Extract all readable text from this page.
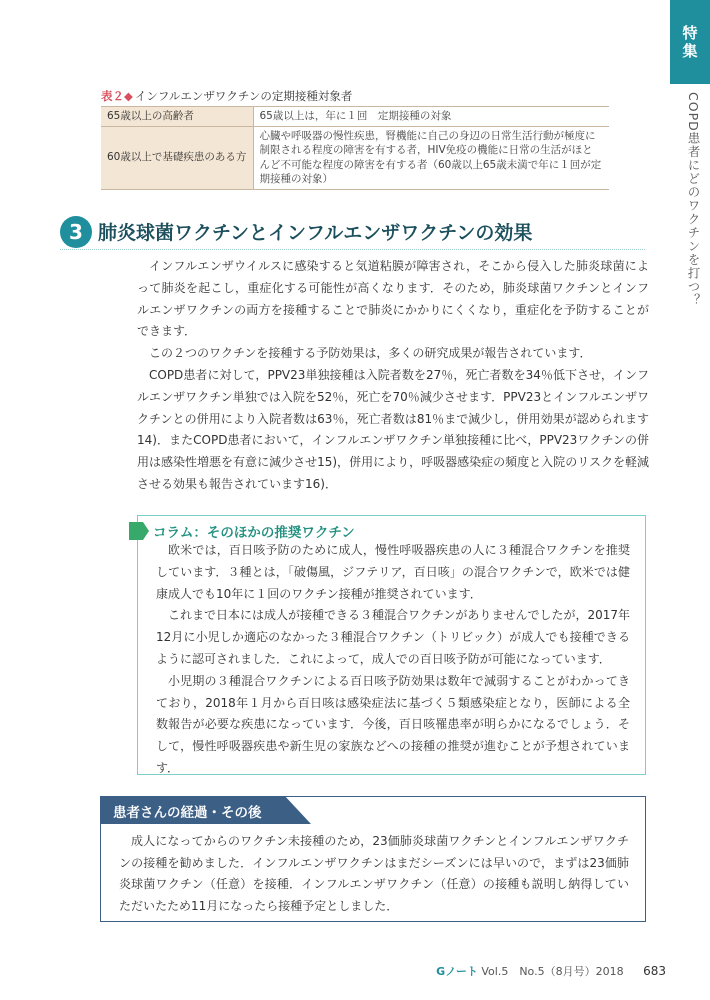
特
集
COPD患者にどのワクチンを打つ？
表２◆ インフルエンザワクチンの定期接種対象者
65歳以上の高齢者	65歳以上は，年に１回　定期接種の対象
60歳以上で基礎疾患のある方	心臓や呼吸器の慢性疾患，腎機能に自己の身辺の日常生活行動が極度に制限される程度の障害を有する者，HIV免疫の機能に日常の生活がほとんど不可能な程度の障害を有する者（60歳以上65歳未満で年に１回が定期接種の対象）
3 肺炎球菌ワクチンとインフルエンザワクチンの効果

インフルエンザウイルスに感染すると気道粘膜が障害され，そこから侵入した肺炎球菌によって肺炎を起こし，重症化する可能性が高くなります．そのため，肺炎球菌ワクチンとインフルエンザワクチンの両方を接種することで肺炎にかかりにくくなり，重症化を予防することができます．

この２つのワクチンを接種する予防効果は，多くの研究成果が報告されています．

COPD患者に対して，PPV23単独接種は入院者数を27％，死亡者数を34％低下させ，インフルエンザワクチン単独では入院を52％，死亡を70％減少させます．PPV23とインフルエンザワクチンとの併用により入院者数は63％，死亡者数は81％まで減少し，併用効果が認められます14)．またCOPD患者において，インフルエンザワクチン単独接種に比べ，PPV23ワクチンの併用は感染性増悪を有意に減少させ15)，併用により，呼吸器感染症の頻度と入院のリスクを軽減させる効果も報告されています16)．

コラム：そのほかの推奨ワクチン

欧米では，百日咳予防のために成人，慢性呼吸器疾患の人に３種混合ワクチンを推奨しています．３種とは，「破傷風，ジフテリア，百日咳」の混合ワクチンで，欧米では健康成人でも10年に１回のワクチン接種が推奨されています．

これまで日本には成人が接種できる３種混合ワクチンがありませんでしたが，2017年12月に小児しか適応のなかった３種混合ワクチン（トリビック）が成人でも接種できるように認可されました．これによって，成人での百日咳予防が可能になっています．

小児期の３種混合ワクチンによる百日咳予防効果は数年で減弱することがわかってきており，2018年１月から百日咳は感染症法に基づく５類感染症となり，医師による全数報告が必要な疾患になっています．今後，百日咳罹患率が明らかになるでしょう．そして，慢性呼吸器疾患や新生児の家族などへの接種の推奨が進むことが予想されています．

患者さんの経過・その後

成人になってからのワクチン未接種のため，23価肺炎球菌ワクチンとインフルエンザワクチンの接種を勧めました．インフルエンザワクチンはまだシーズンには早いので，まずは23価肺炎球菌ワクチン（任意）を接種．インフルエンザワクチン（任意）の接種も説明し納得していただいたため11月になったら接種予定としました．

Gノート Vol.5　No.5（8月号）2018 683
